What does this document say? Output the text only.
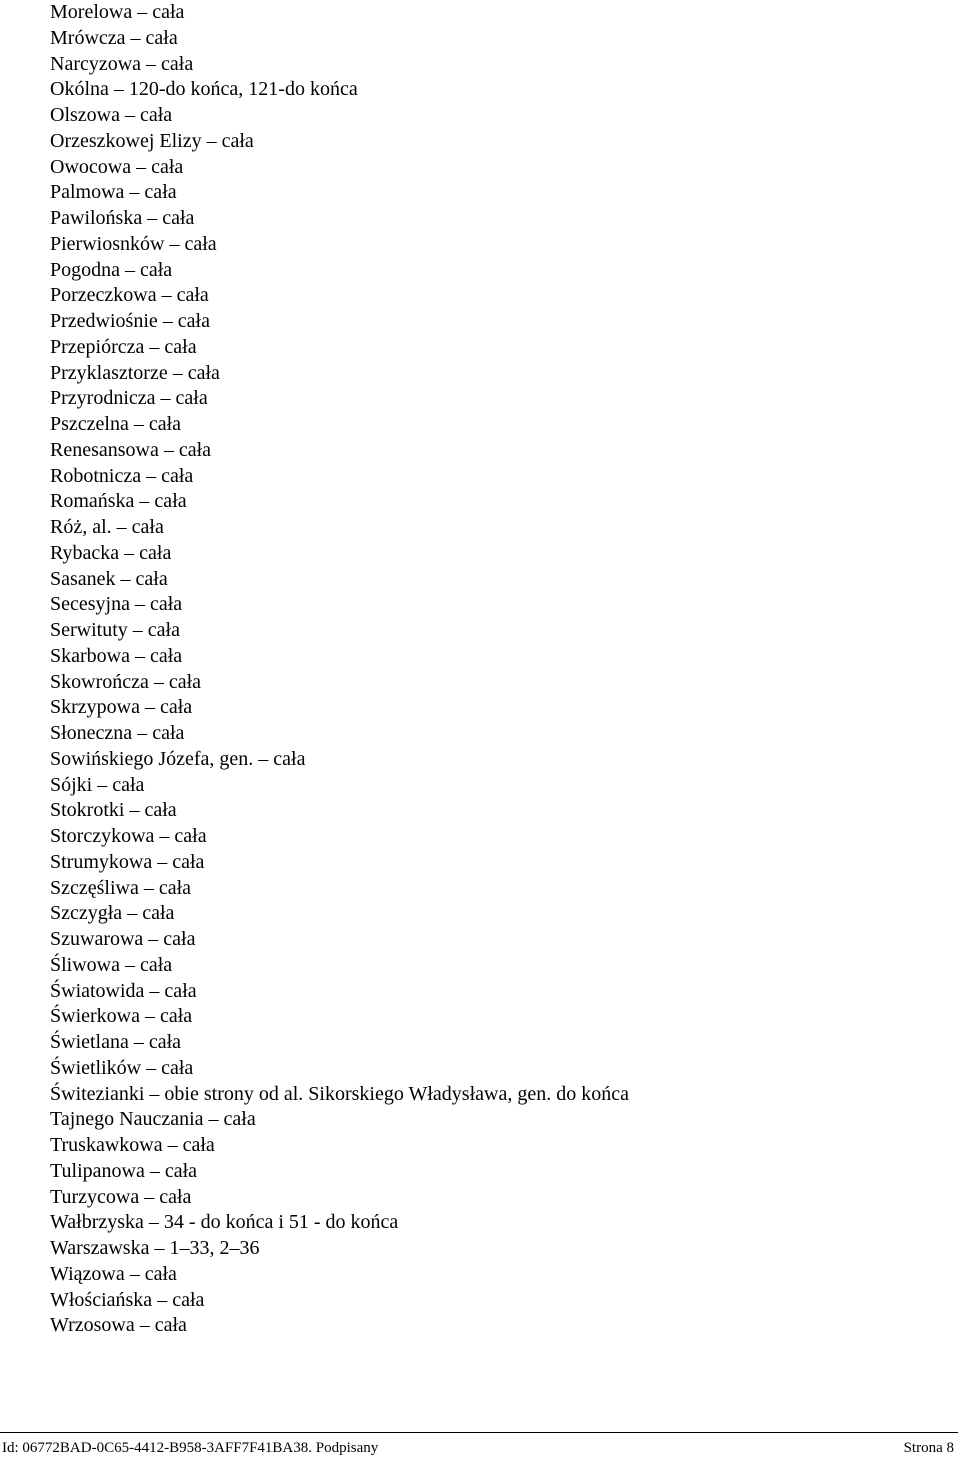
Morelowa – cała
Mrówcza – cała
Narcyzowa – cała
Okólna – 120-do końca, 121-do końca
Olszowa – cała
Orzeszkowej Elizy – cała
Owocowa – cała
Palmowa – cała
Pawilońska – cała
Pierwiosnków – cała
Pogodna – cała
Porzeczkowa – cała
Przedwiośnie – cała
Przepiórcza – cała
Przyklasztorze – cała
Przyrodnicza – cała
Pszczelna – cała
Renesansowa – cała
Robotnicza – cała
Romańska – cała
Róż, al. – cała
Rybacka – cała
Sasanek – cała
Secesyjna – cała
Serwituty – cała
Skarbowa – cała
Skowrończa – cała
Skrzypowa – cała
Słoneczna – cała
Sowińskiego Józefa, gen. – cała
Sójki – cała
Stokrotki – cała
Storczykowa – cała
Strumykowa – cała
Szczęśliwa – cała
Szczygła – cała
Szuwarowa – cała
Śliwowa – cała
Światowida – cała
Świerkowa – cała
Świetlana – cała
Świetlików – cała
Świtezianki – obie strony od al. Sikorskiego Władysława, gen. do końca
Tajnego Nauczania – cała
Truskawkowa – cała
Tulipanowa – cała
Turzycowa – cała
Wałbrzyska – 34 - do końca i 51 - do końca
Warszawska – 1–33, 2–36
Wiązowa – cała
Włościańska – cała
Wrzosowa – cała
Id: 06772BAD-0C65-4412-B958-3AFF7F41BA38. Podpisany	Strona 8
